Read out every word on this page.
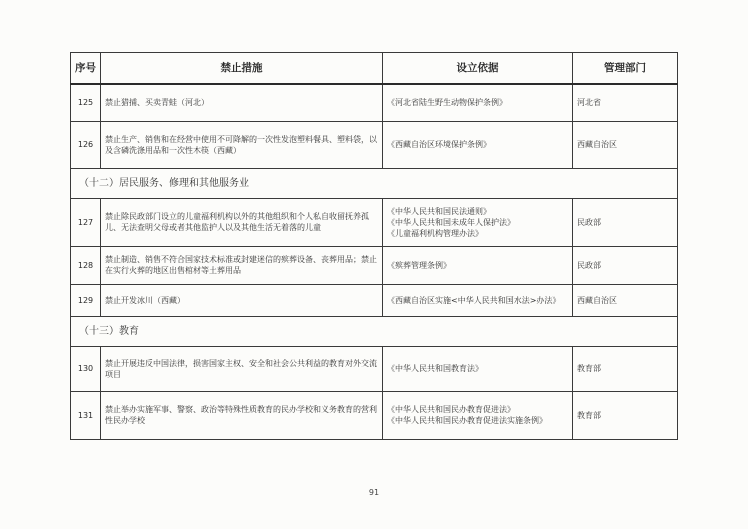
序号	禁止措施	设立依据	管理部门
125	禁止猎捕、买卖青蛙（河北）	《河北省陆生野生动物保护条例》	河北省
126	禁止生产、销售和在经营中使用不可降解的一次性发泡塑料餐具、塑料袋，以及含磷洗涤用品和一次性木筷（西藏）	《西藏自治区环境保护条例》	西藏自治区
（十二）居民服务、修理和其他服务业			
127	禁止除民政部门设立的儿童福利机构以外的其他组织和个人私自收留抚养孤儿、无法查明父母或者其他监护人以及其他生活无着落的儿童	《中华人民共和国民法通则》
《中华人民共和国未成年人保护法》
《儿童福利机构管理办法》	民政部
128	禁止制造、销售不符合国家技术标准或封建迷信的殡葬设备、丧葬用品；禁止在实行火葬的地区出售棺材等土葬用品	《殡葬管理条例》	民政部
129	禁止开发冰川（西藏）	《西藏自治区实施<中华人民共和国水法>办法》	西藏自治区
（十三）教育			
130	禁止开展违反中国法律，损害国家主权、安全和社会公共利益的教育对外交流项目	《中华人民共和国教育法》	教育部
131	禁止举办实施军事、警察、政治等特殊性质教育的民办学校和义务教育的营利性民办学校	《中华人民共和国民办教育促进法》
《中华人民共和国民办教育促进法实施条例》	教育部
91
